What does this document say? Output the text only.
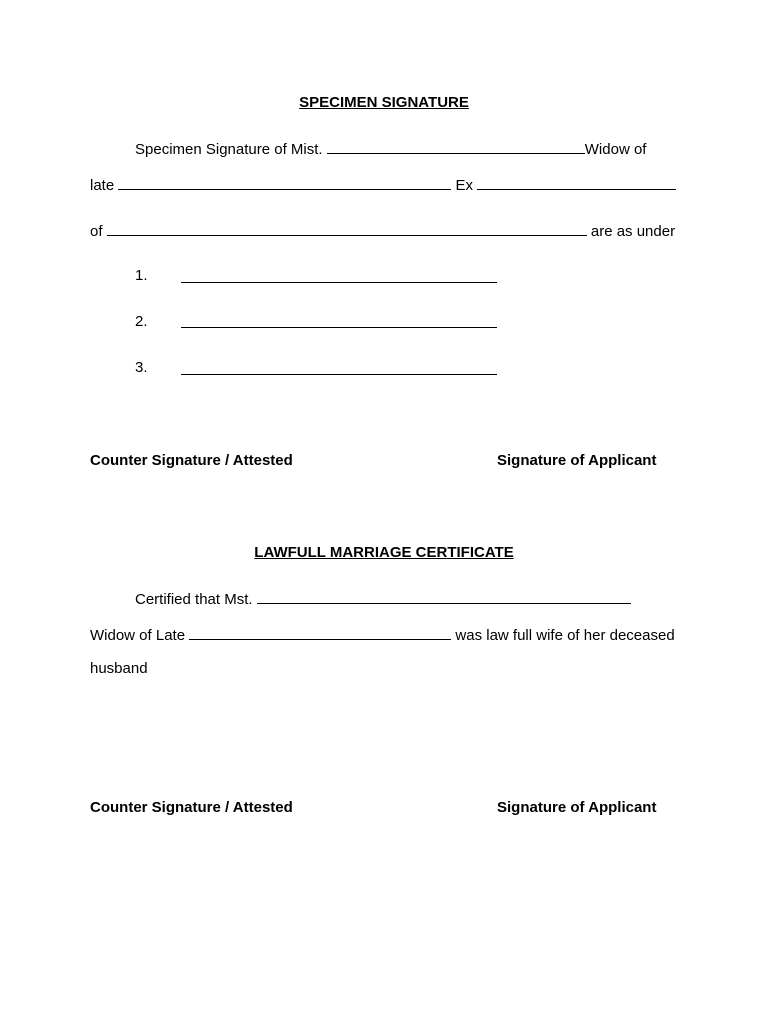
SPECIMEN SIGNATURE
Specimen Signature of Mist.	Widow of
late	Ex
of	are as under
1.
2.
3.
Counter Signature / Attested	Signature of Applicant
LAWFULL MARRIAGE CERTIFICATE
Certified that Mst.
Widow of Late	was law full wife of her deceased
husband
Counter Signature / Attested	Signature of Applicant
